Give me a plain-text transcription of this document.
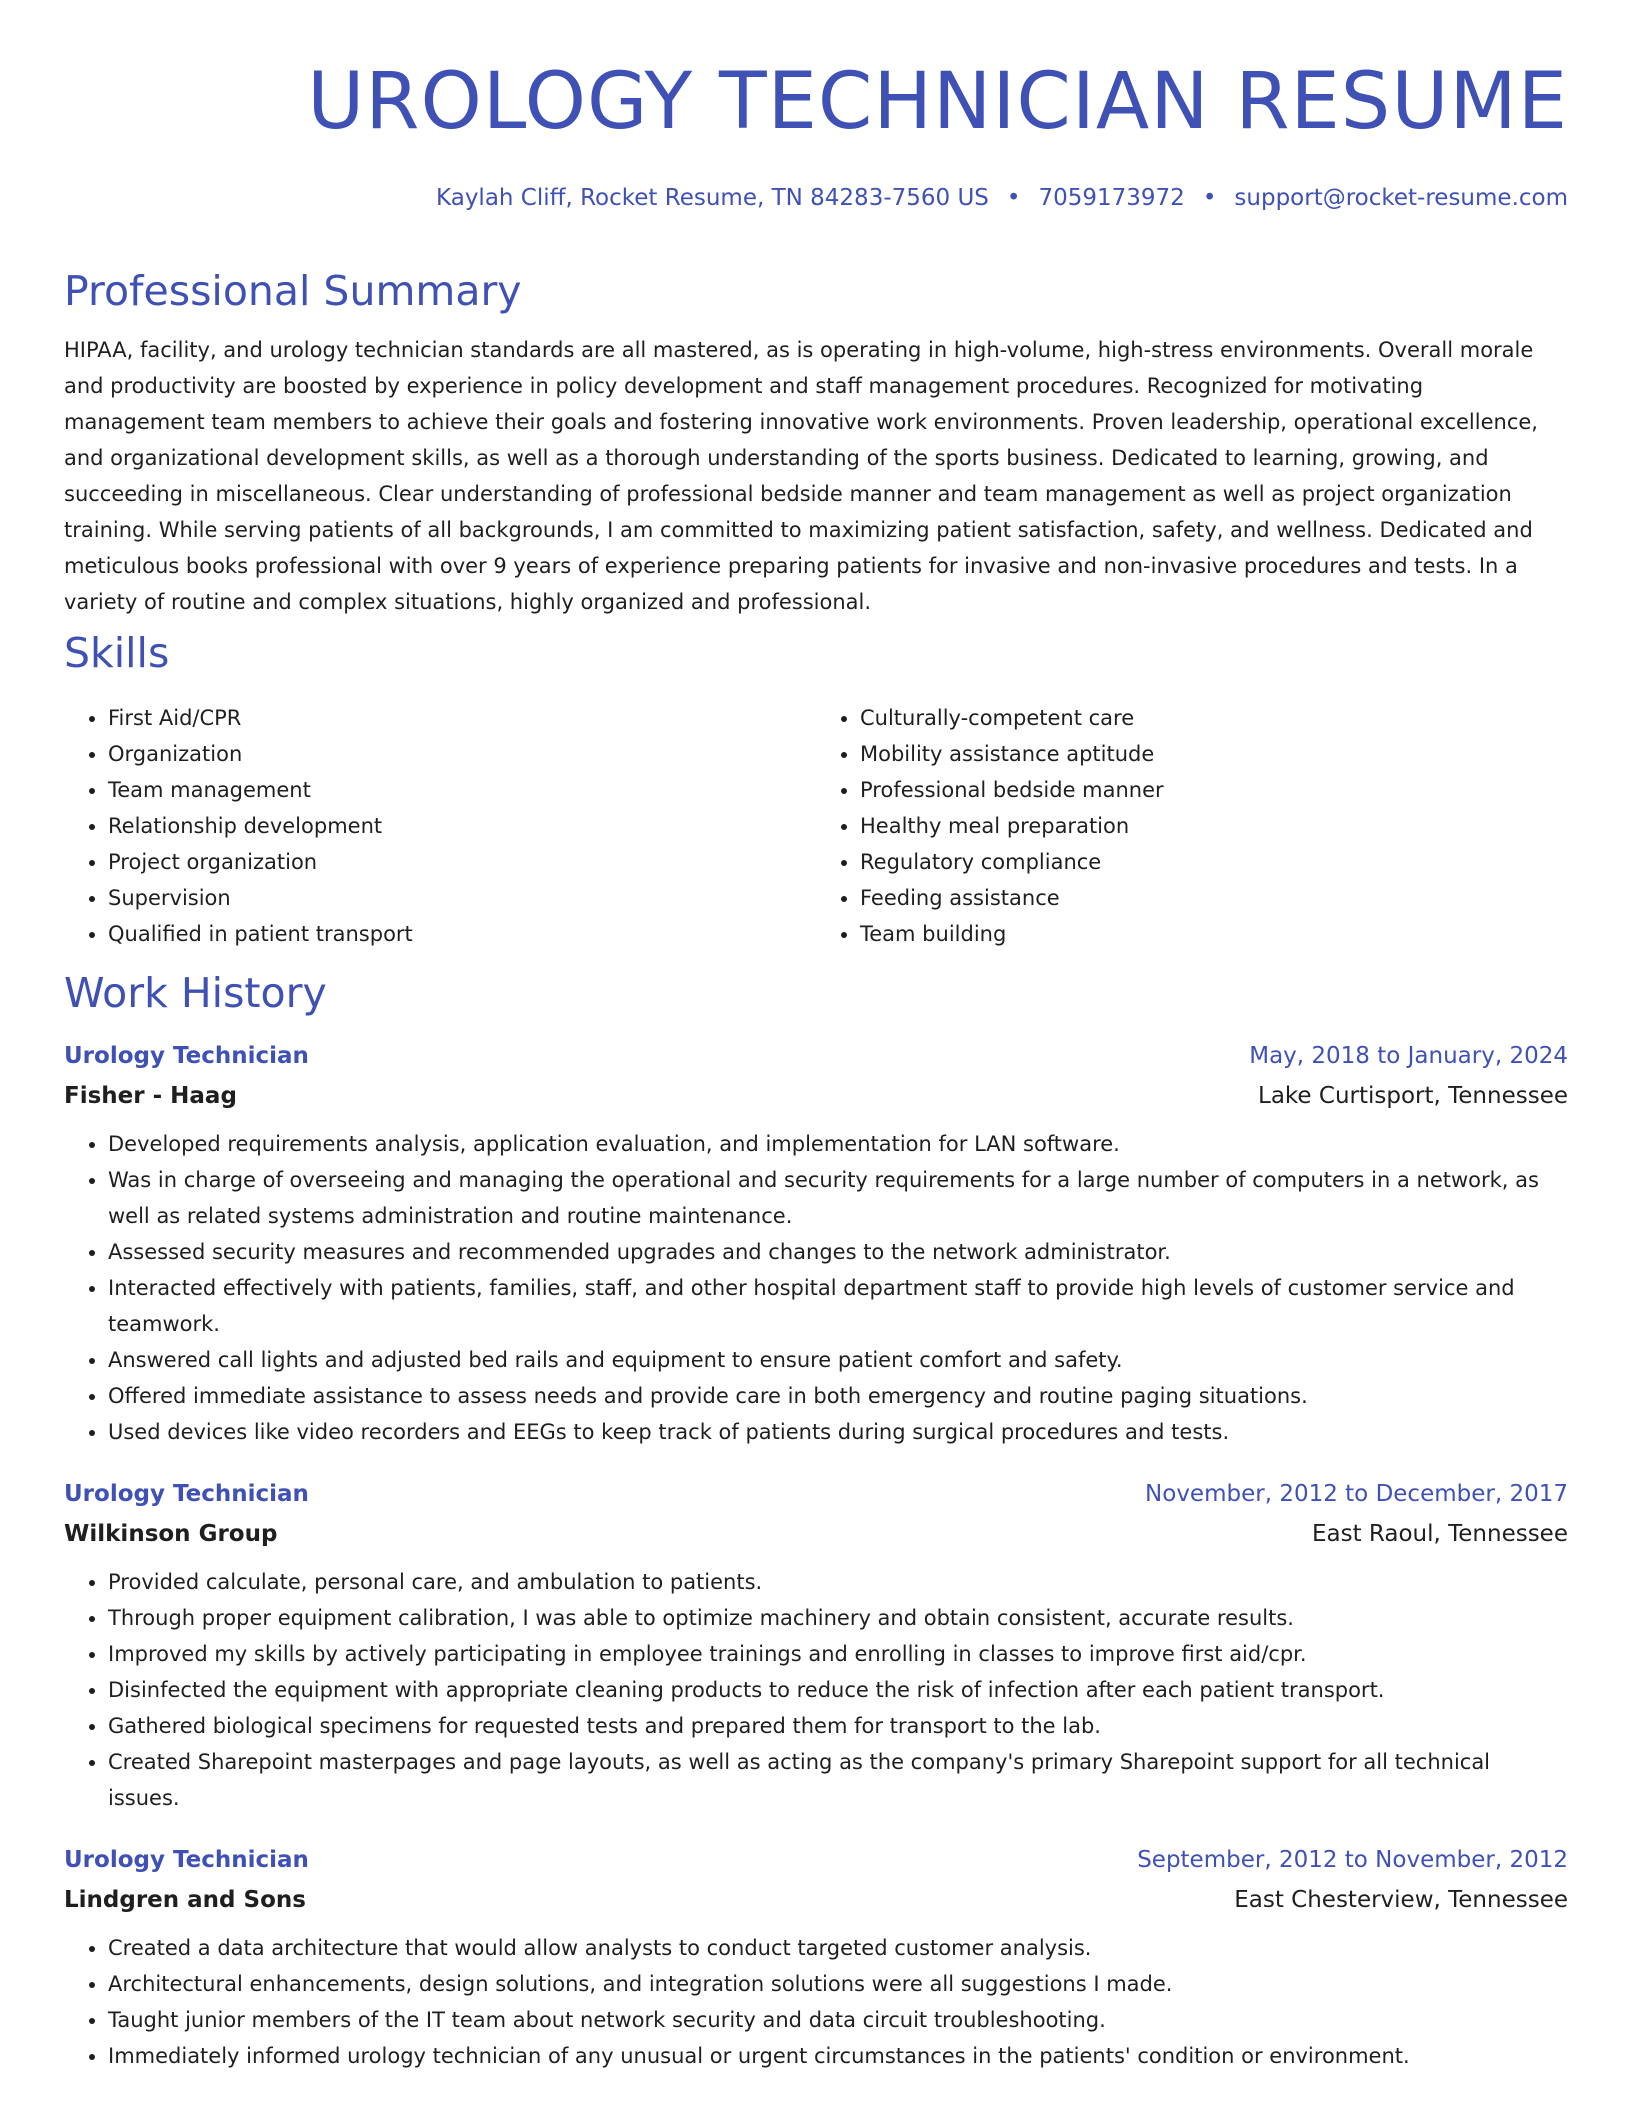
UROLOGY TECHNICIAN RESUME
Kaylah Cliff, Rocket Resume, TN 84283-7560 US • 7059173972 • support@rocket-resume.com
Professional Summary

HIPAA, facility, and urology technician standards are all mastered, as is operating in high-volume, high-stress environments. Overall morale and productivity are boosted by experience in policy development and staff management procedures. Recognized for motivating management team members to achieve their goals and fostering innovative work environments. Proven leadership, operational excellence, and organizational development skills, as well as a thorough understanding of the sports business. Dedicated to learning, growing, and succeeding in miscellaneous. Clear understanding of professional bedside manner and team management as well as project organization training. While serving patients of all backgrounds, I am committed to maximizing patient satisfaction, safety, and wellness. Dedicated and meticulous books professional with over 9 years of experience preparing patients for invasive and non-invasive procedures and tests. In a variety of routine and complex situations, highly organized and professional.

Skills
• First Aid/CPR
• Organization
• Team management
• Relationship development
• Project organization
• Supervision
• Qualified in patient transport
• Culturally-competent care
• Mobility assistance aptitude
• Professional bedside manner
• Healthy meal preparation
• Regulatory compliance
• Feeding assistance
• Team building
Work History
Urology Technician	May, 2018 to January, 2024
Fisher - Haag	Lake Curtisport, Tennessee
• Developed requirements analysis, application evaluation, and implementation for LAN software.
• Was in charge of overseeing and managing the operational and security requirements for a large number of computers in a network, as well as related systems administration and routine maintenance.
• Assessed security measures and recommended upgrades and changes to the network administrator.
• Interacted effectively with patients, families, staff, and other hospital department staff to provide high levels of customer service and teamwork.
• Answered call lights and adjusted bed rails and equipment to ensure patient comfort and safety.
• Offered immediate assistance to assess needs and provide care in both emergency and routine paging situations.
• Used devices like video recorders and EEGs to keep track of patients during surgical procedures and tests.
Urology Technician	November, 2012 to December, 2017
Wilkinson Group	East Raoul, Tennessee
• Provided calculate, personal care, and ambulation to patients.
• Through proper equipment calibration, I was able to optimize machinery and obtain consistent, accurate results.
• Improved my skills by actively participating in employee trainings and enrolling in classes to improve first aid/cpr.
• Disinfected the equipment with appropriate cleaning products to reduce the risk of infection after each patient transport.
• Gathered biological specimens for requested tests and prepared them for transport to the lab.
• Created Sharepoint masterpages and page layouts, as well as acting as the company's primary Sharepoint support for all technical issues.
Urology Technician	September, 2012 to November, 2012
Lindgren and Sons	East Chesterview, Tennessee
• Created a data architecture that would allow analysts to conduct targeted customer analysis.
• Architectural enhancements, design solutions, and integration solutions were all suggestions I made.
• Taught junior members of the IT team about network security and data circuit troubleshooting.
• Immediately informed urology technician of any unusual or urgent circumstances in the patients' condition or environment.
